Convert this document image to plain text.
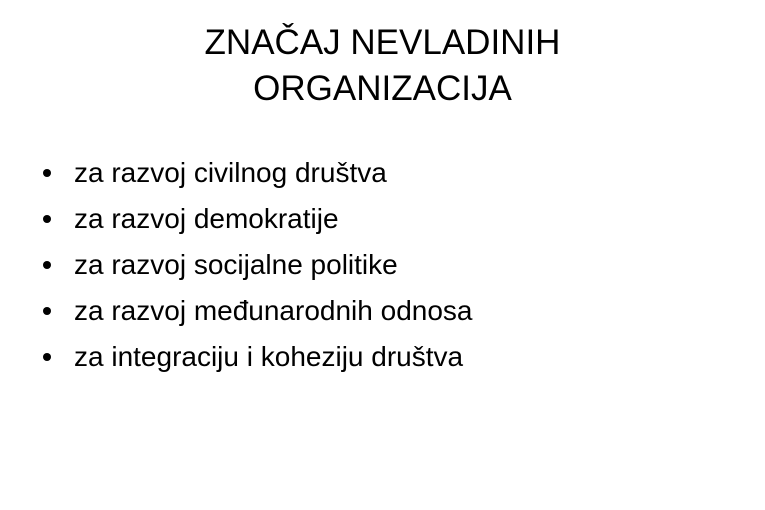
ZNAČAJ NEVLADINIH
ORGANIZACIJA
za razvoj civilnog društva
za razvoj demokratije
za razvoj socijalne politike
za razvoj međunarodnih odnosa
za integraciju i koheziju društva
